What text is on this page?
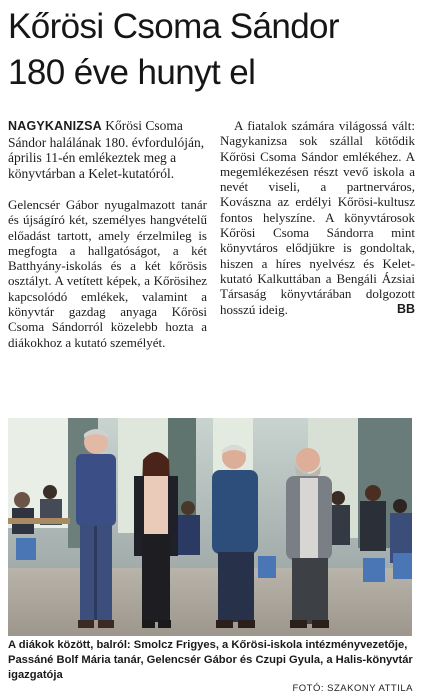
Kőrösi Csoma Sándor
180 éve hunyt el

NAGYKANIZSA Kőrösi Csoma Sándor halálának 180. évfordulóján, április 11-én emlékeztek meg a könyvtárban a Kelet-kutatóról.

Gelencsér Gábor nyugalmazott tanár és újságíró két, személyes hangvételű előadást tartott, amely érzelmileg is megfogta a hallgatóságot, a két Batthyány-iskolás és a két kőrösis osztályt. A vetített képek, a Kőrösihez kapcsolódó emlékek, valamint a könyvtár gazdag anyaga Kőrösi Csoma Sándorról közelebb hozta a diákokhoz a kutató személyét.

A fiatalok számára világossá vált: Nagykanizsa sok szállal kötődik Kőrösi Csoma Sándor emlékéhez. A megemlékezésen részt vevő iskola a nevét viseli, a partnerváros, Kovászna az erdélyi Kőrösi-kultusz fontos helyszíne. A könyvtárosok Kőrösi Csoma Sándorra mint könyvtáros elődjükre is gondoltak, hiszen a híres nyelvész és Kelet-kutató Kalkuttában a Bengáli Ázsiai Társaság könyvtárában dolgozott hosszú ideig.	BB

A diákok között, balról: Smolcz Frigyes, a Kőrösi-iskola intézményvezetője, Passáné Bolf Mária tanár, Gelencsér Gábor és Czupi Gyula, a Halis-könyvtár igazgatója
FOTÓ: SZAKONY ATTILA
